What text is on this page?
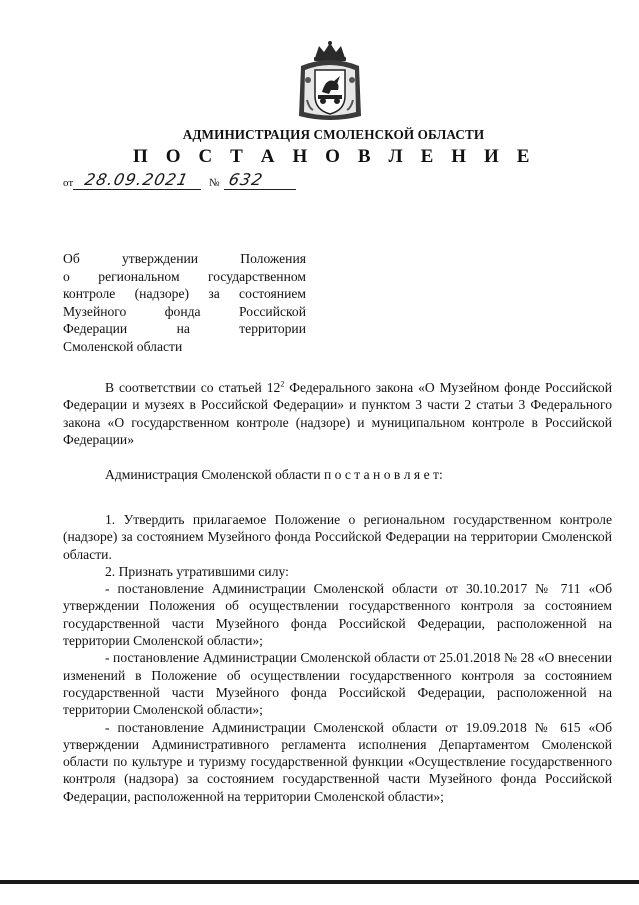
АДМИНИСТРАЦИЯ СМОЛЕНСКОЙ ОБЛАСТИ
П О С Т А Н О В Л Е Н И Е
от 28.09.2021 № 632
Об	утверждении	Положения
о региональном государственном
контроле (надзоре) за состоянием
Музейного	фонда	Российской
Федерации	на	территории
Смоленской области

В соответствии со статьей $12^2$ Федерального закона «О Музейном фонде Российской Федерации и музеях в Российской Федерации» и пунктом 3 части 2 статьи 3 Федерального закона «О государственном контроле (надзоре) и муниципальном контроле в Российской Федерации»

Администрация Смоленской области п о с т а н о в л я е т:

1. Утвердить прилагаемое Положение о региональном государственном контроле (надзоре) за состоянием Музейного фонда Российской Федерации на территории Смоленской области.

2. Признать утратившими силу:

- постановление Администрации Смоленской области от 30.10.2017 № 711 «Об утверждении Положения об осуществлении государственного контроля за состоянием государственной части Музейного фонда Российской Федерации, расположенной на территории Смоленской области»;

- постановление Администрации Смоленской области от 25.01.2018 № 28 «О внесении изменений в Положение об осуществлении государственного контроля за состоянием государственной части Музейного фонда Российской Федерации, расположенной на территории Смоленской области»;

- постановление Администрации Смоленской области от 19.09.2018 № 615 «Об утверждении Административного регламента исполнения Департаментом Смоленской области по культуре и туризму государственной функции «Осуществление государственного контроля (надзора) за состоянием государственной части Музейного фонда Российской Федерации, расположенной на территории Смоленской области»;
